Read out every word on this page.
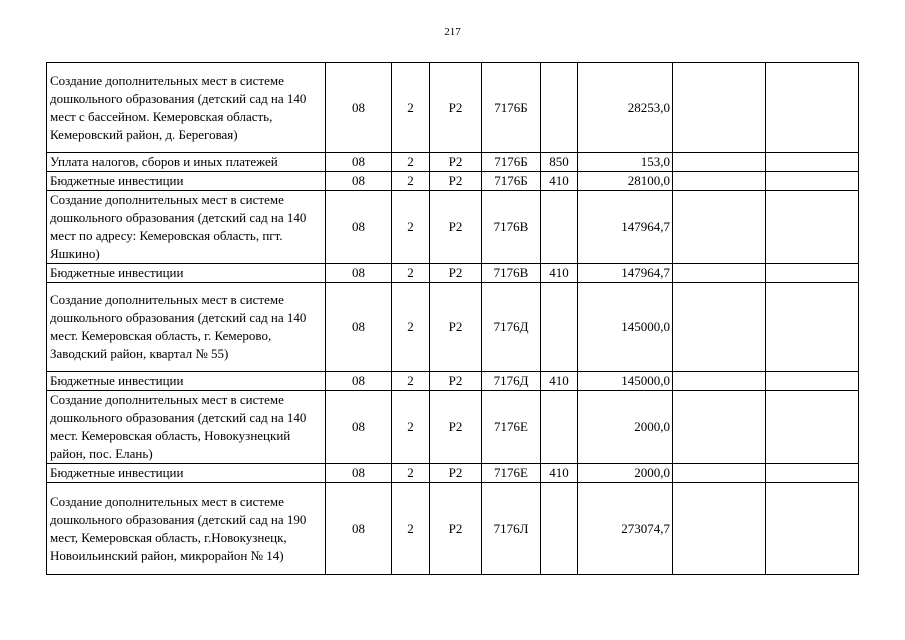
217
Создание дополнительных мест в системе дошкольного образования (детский сад на 140 мест с бассейном. Кемеровская область, Кемеровский район, д. Береговая)	08	2	Р2	7176Б		28253,0		
Уплата налогов, сборов и иных платежей	08	2	Р2	7176Б	850	153,0		
Бюджетные инвестиции	08	2	Р2	7176Б	410	28100,0		
Создание дополнительных мест в системе дошкольного образования (детский сад на 140 мест по адресу: Кемеровская область, пгт. Яшкино)	08	2	Р2	7176В		147964,7		
Бюджетные инвестиции	08	2	Р2	7176В	410	147964,7		
Создание дополнительных мест в системе дошкольного образования (детский сад на 140 мест. Кемеровская область, г. Кемерово, Заводский район, квартал № 55)	08	2	Р2	7176Д		145000,0		
Бюджетные инвестиции	08	2	Р2	7176Д	410	145000,0		
Создание дополнительных мест в системе дошкольного образования (детский сад на 140 мест. Кемеровская область, Новокузнецкий район, пос. Елань)	08	2	Р2	7176Е		2000,0		
Бюджетные инвестиции	08	2	Р2	7176Е	410	2000,0		
Создание дополнительных мест в системе дошкольного образования (детский сад на 190 мест, Кемеровская область, г.Новокузнецк, Новоильинский район, микрорайон № 14)	08	2	Р2	7176Л		273074,7		
